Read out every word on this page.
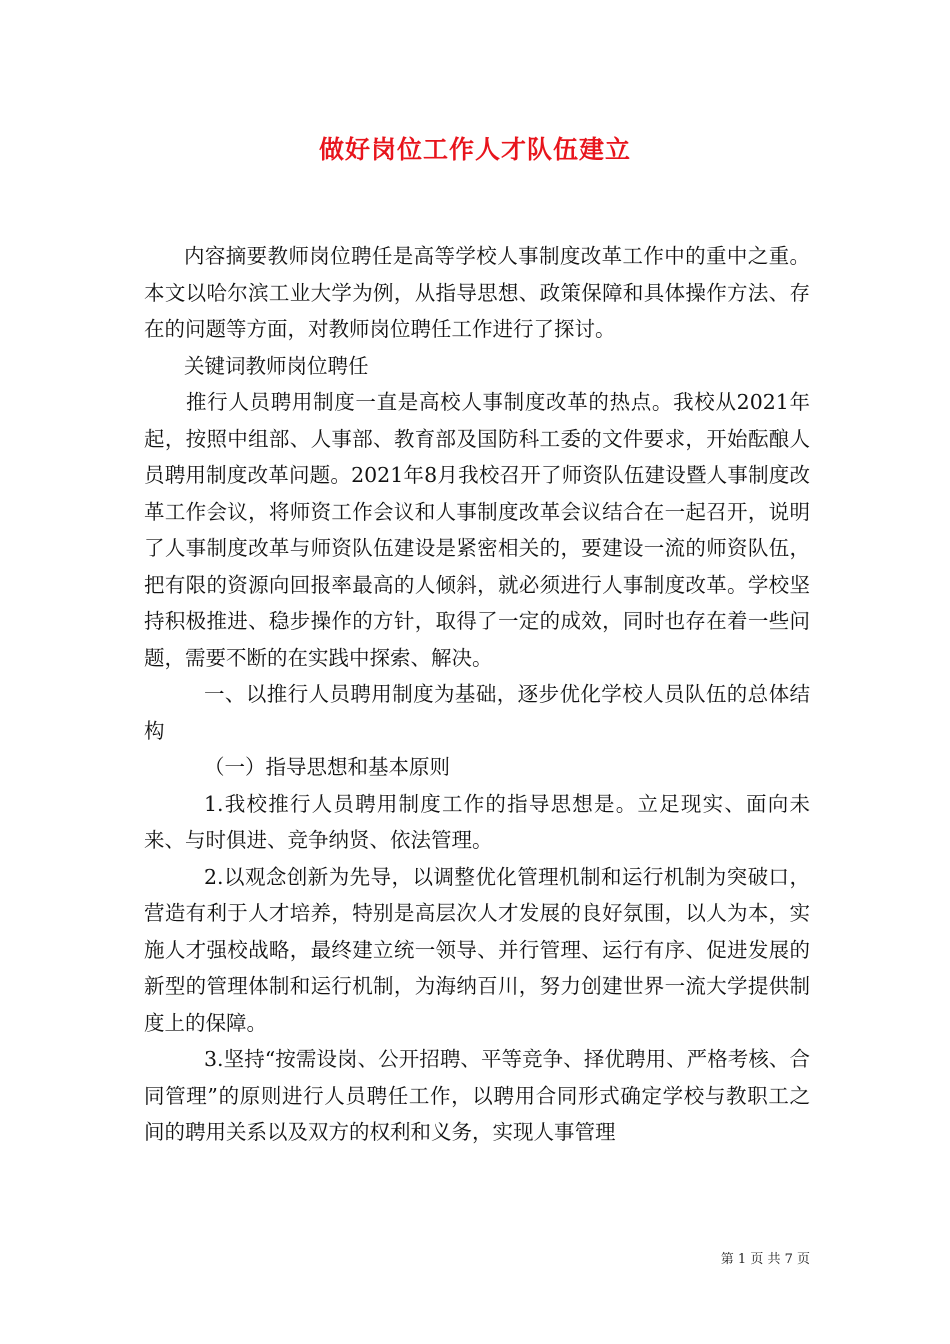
做好岗位工作人才队伍建立

内容摘要教师岗位聘任是高等学校人事制度改革工作中的重中之重。本文以哈尔滨工业大学为例，从指导思想、政策保障和具体操作方法、存在的问题等方面，对教师岗位聘任工作进行了探讨。

关键词教师岗位聘任

推行人员聘用制度一直是高校人事制度改革的热点。我校从2021年起，按照中组部、人事部、教育部及国防科工委的文件要求，开始酝酿人员聘用制度改革问题。2021年8月我校召开了师资队伍建设暨人事制度改革工作会议，将师资工作会议和人事制度改革会议结合在一起召开，说明了人事制度改革与师资队伍建设是紧密相关的，要建设一流的师资队伍，把有限的资源向回报率最高的人倾斜，就必须进行人事制度改革。学校坚持积极推进、稳步操作的方针，取得了一定的成效，同时也存在着一些问题，需要不断的在实践中探索、解决。

一、以推行人员聘用制度为基础，逐步优化学校人员队伍的总体结构

（一）指导思想和基本原则

1.我校推行人员聘用制度工作的指导思想是。立足现实、面向未来、与时俱进、竞争纳贤、依法管理。

2.以观念创新为先导，以调整优化管理机制和运行机制为突破口，营造有利于人才培养，特别是高层次人才发展的良好氛围，以人为本，实施人才强校战略，最终建立统一领导、并行管理、运行有序、促进发展的新型的管理体制和运行机制，为海纳百川，努力创建世界一流大学提供制度上的保障。

3.坚持“按需设岗、公开招聘、平等竞争、择优聘用、严格考核、合同管理”的原则进行人员聘任工作，以聘用合同形式确定学校与教职工之间的聘用关系以及双方的权利和义务，实现人事管理

第 1 页 共 7 页
